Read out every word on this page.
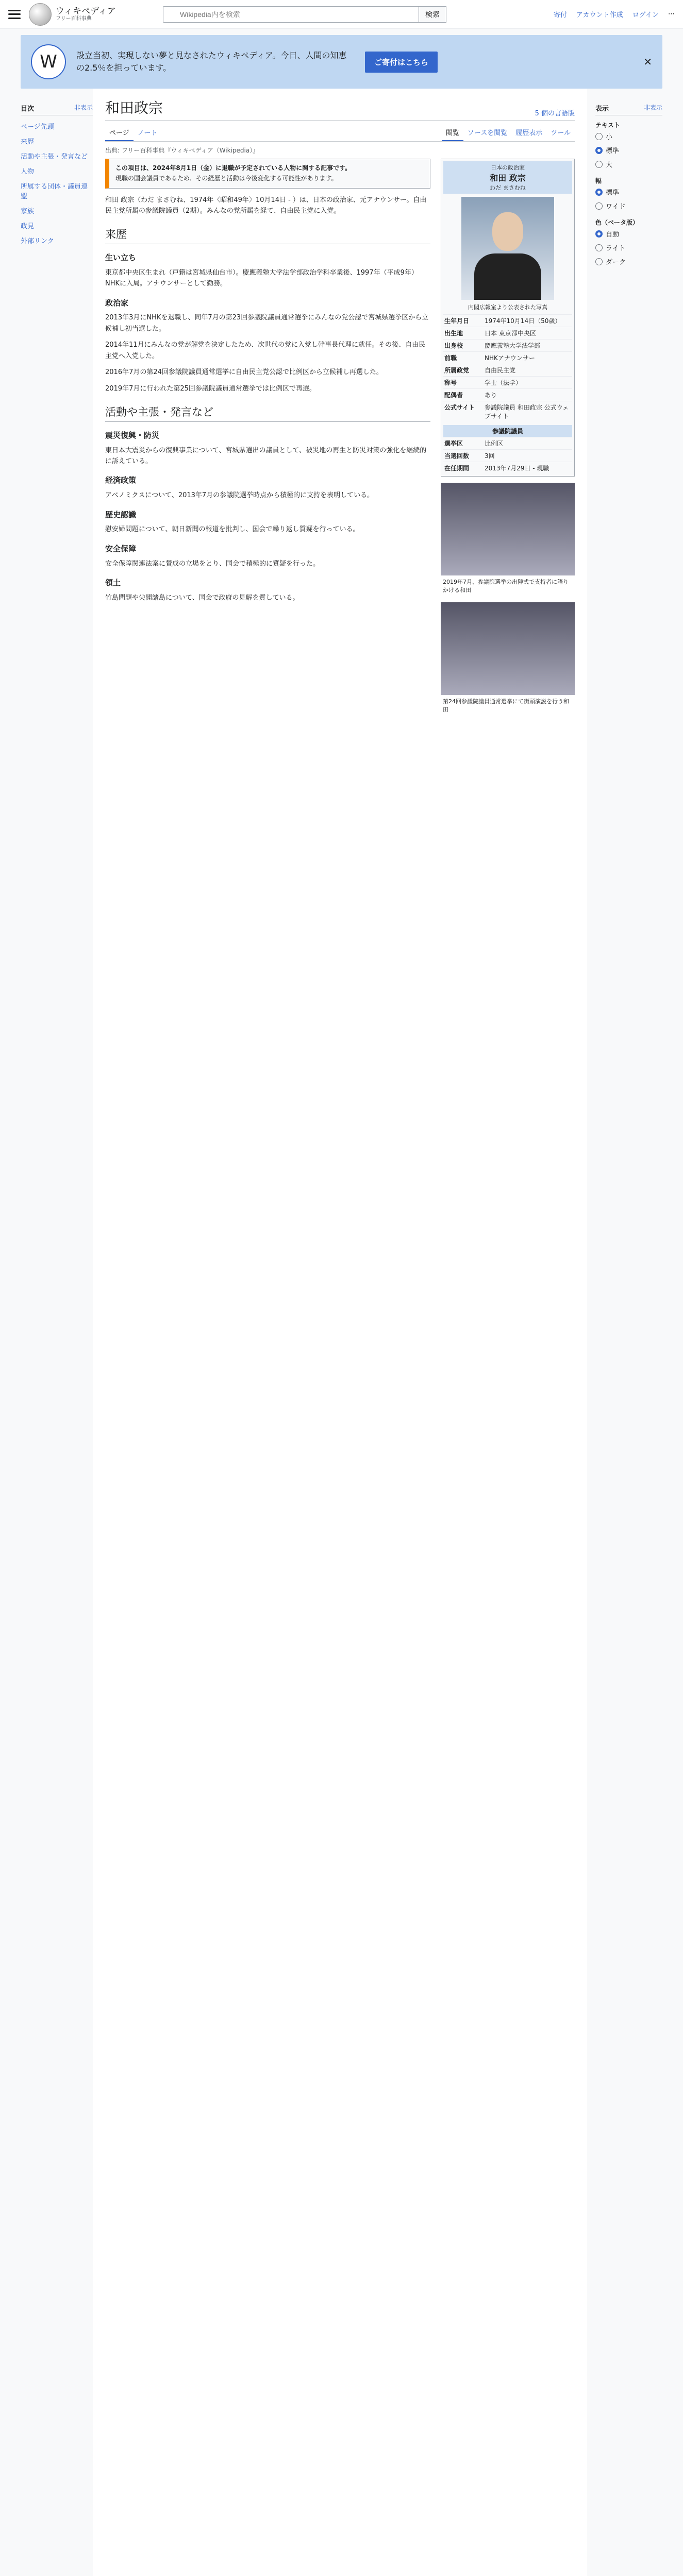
ウィキペディア
フリー百科事典
Wikipedia内を検索
検索	寄付 アカウント作成 ログイン ⋯
W	設立当初、実現しない夢と見なされたウィキペディア。今日、人間の知恵の2.5％を担っています。
ご寄付はこちら	✕
目次	非表示
ページ先頭
来歴
活動や主張・発言など
人物
所属する団体・議員連盟
家族
政見
外部リンク
和田政宗	5 個の言語版
ページ	ノート	閲覧	ソースを閲覧	履歴表示	ツール
出典: フリー百科事典『ウィキペディア（Wikipedia）』
この項目は、2024年8月1日（金）に退職が予定されている人物に関する記事です。
現職の国会議員であるため、その経歴と活動は今後変化する可能性があります。

和田 政宗（わだ まさむね、1974年〈昭和49年〉10月14日 - ）は、日本の政治家、元アナウンサー。自由民主党所属の参議院議員（2期）。みんなの党所属を経て、自由民主党に入党。

来歴
生い立ち

東京都中央区生まれ（戸籍は宮城県仙台市）。慶應義塾大学法学部政治学科卒業後、1997年（平成9年）NHKに入局。アナウンサーとして勤務。

政治家

2013年3月にNHKを退職し、同年7月の第23回参議院議員通常選挙にみんなの党公認で宮城県選挙区から立候補し初当選した。

2014年11月にみんなの党が解党を決定したため、次世代の党に入党し幹事長代理に就任。その後、自由民主党へ入党した。

2016年7月の第24回参議院議員通常選挙に自由民主党公認で比例区から立候補し再選した。

2019年7月に行われた第25回参議院議員通常選挙では比例区で再選。

活動や主張・発言など
震災復興・防災

東日本大震災からの復興事業について、宮城県選出の議員として、被災地の再生と防災対策の強化を継続的に訴えている。

経済政策

アベノミクスについて、2013年7月の参議院選挙時点から積極的に支持を表明している。

歴史認識

慰安婦問題について、朝日新聞の報道を批判し、国会で繰り返し質疑を行っている。

安全保障

安全保障関連法案に賛成の立場をとり、国会で積極的に質疑を行った。

領土

竹島問題や尖閣諸島について、国会で政府の見解を質している。

日本の政治家
和田 政宗
わだ まさむね
内閣広報室より公表された写真
生年月日	1974年10月14日（50歳）
出生地	日本 東京都中央区
出身校	慶應義塾大学法学部
前職	NHKアナウンサー
所属政党	自由民主党
称号	学士（法学）
配偶者	あり
公式サイト	参議院議員 和田政宗 公式ウェブサイト
参議院議員
選挙区	比例区
当選回数	3回
在任期間	2013年7月29日 - 現職
2019年7月、参議院選挙の出陣式で支持者に語りかける和田
第24回参議院議員通常選挙にて街頭演説を行う和田
表示	非表示
テキスト
小
標準
大
幅
標準
ワイド
色（ベータ版）
自動
ライト
ダーク
